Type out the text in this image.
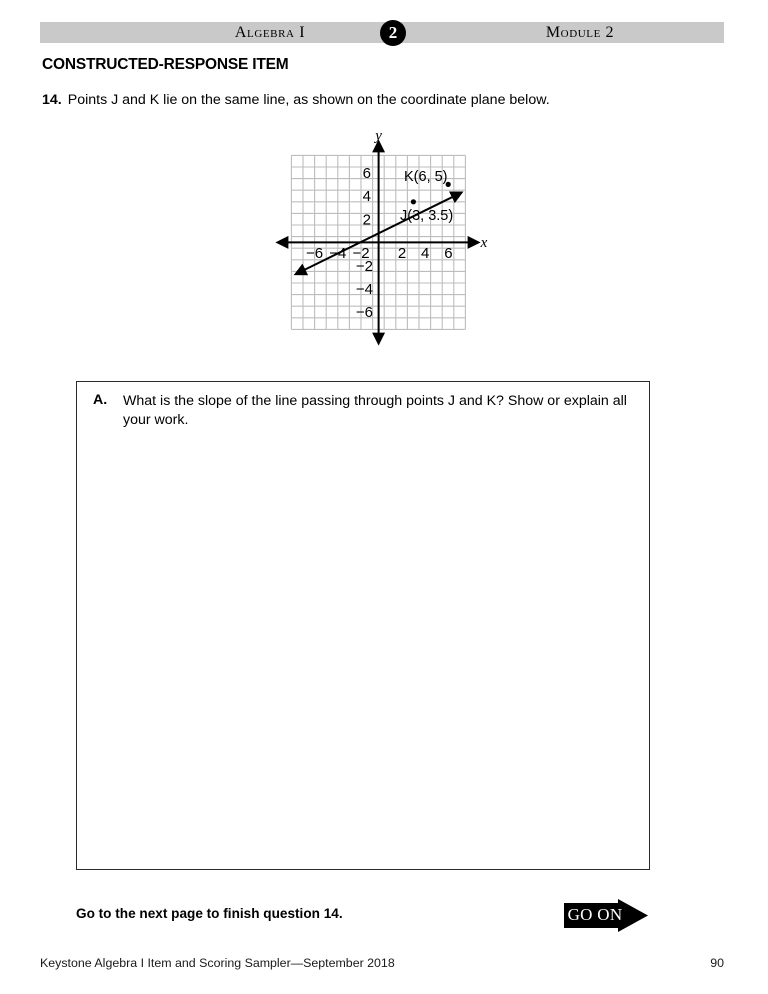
Algebra I	Module 2
2
CONSTRUCTED-RESPONSE ITEM
14. Points J and K lie on the same line, as shown on the coordinate plane below.
K(6, 5)
J(3, 3.5)
−6 −4 −2 2 4 6
6
4
2
−2
−4
−6
y
x
A.	What is the slope of the line passing through points J and K? Show or explain all your work.
Go to the next page to finish question 14.	GO ON
Keystone Algebra I Item and Scoring Sampler—September 2018	90
